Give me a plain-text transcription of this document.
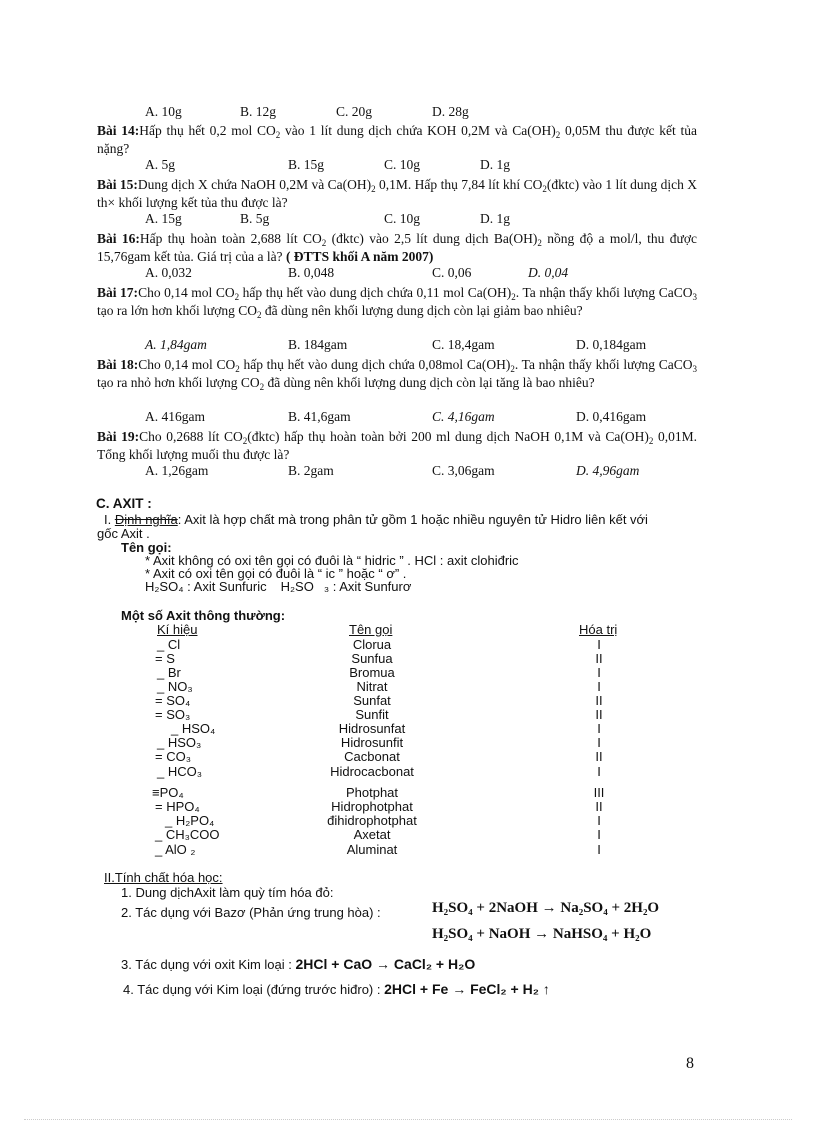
A. 10g	B. 12g	C. 20g	D. 28g
Bài 14:Hấp thụ hết 0,2 mol $CO_2$ vào 1 lít dung dịch chứa KOH 0,2M và $Ca(OH)_2$ 0,05M thu được kết tủa nặng?
A. 5g	B. 15g	C. 10g	D. 1g
Bài 15:Dung dịch X chứa NaOH 0,2M và $Ca(OH)_2$ 0,1M. Hấp thụ 7,84 lít khí $CO_2(đktc)$ vào 1 lít dung dịch X th× khối lượng kết tủa thu được là?
A. 15g	B. 5g	C. 10g	D. 1g
Bài 16:Hấp thụ hoàn toàn 2,688 lít $CO_2$ (đktc) vào 2,5 lít dung dịch $Ba(OH)_2$ nồng độ a mol/l, thu được 15,76gam kết tủa. Giá trị của a là? ( ĐTTS khối A năm 2007)
A. 0,032	B. 0,048	C. 0,06	D. 0,04
Bài 17:Cho 0,14 mol $CO_2$ hấp thụ hết vào dung dịch chứa 0,11 mol $Ca(OH)_2$. Ta nhận thấy khối lượng CaCO$_3$ tạo ra lớn hơn khối lượng $CO_2$ đã dùng nên khối lượng dung dịch còn lại giảm bao nhiêu?
A. 1,84gam	B. 184gam	C. 18,4gam	D. 0,184gam
Bài 18:Cho 0,14 mol $CO_2$ hấp thụ hết vào dung dịch chứa 0,08mol $Ca(OH)_2$. Ta nhận thấy khối lượng CaCO$_3$ tạo ra nhỏ hơn khối lượng $CO_2$ đã dùng nên khối lượng dung dịch còn lại tăng là bao nhiêu?
A. 416gam	B. 41,6gam	C. 4,16gam	D. 0,416gam
Bài 19:Cho 0,2688 lít $CO_2(đktc)$ hấp thụ hoàn toàn bởi 200 ml dung dịch NaOH 0,1M và $Ca(OH)_2$ 0,01M. Tổng khối lượng muối thu được là?
A. 1,26gam	B. 2gam	C. 3,06gam	D. 4,96gam
C. AXIT :
I. Định nghĩa: Axit là hợp chất mà trong phân tử gồm 1 hoặc nhiều nguyên tử Hidro liên kết với
gốc Axit .
Tên gọi:
* Axit không có oxi tên gọi có đuôi là “ hidric ” . HCl : axit clohiđric
* Axit có oxi tên gọi có đuôi là “ ic ” hoặc “ ơ” .
H₂SO₄ : Axit Sunfuric H₂SO ₃ : Axit Sunfurơ
Một số Axit thông thường:
Kí hiệu	Tên gọi	Hóa trị
_ Cl	Clorua	I
= S	Sunfua	II
_ Br	Bromua	I
_ NO₃	Nitrat	I
= SO₄	Sunfat	II
= SO₃	Sunfit	II
_ HSO₄	Hidrosunfat	I
_ HSO₃	Hidrosunfit	I
= CO₃	Cacbonat	II
_ HCO₃	Hidrocacbonat	I
≡PO₄	Photphat	III
= HPO₄	Hidrophotphat	II
_ H₂PO₄	đihidrophotphat	I
_ CH₃COO	Axetat	I
_ AlO ₂	Aluminat	I
II.Tính chất hóa học:
1. Dung dịchAxit làm quỳ tím hóa đỏ:
2. Tác dụng với Bazơ (Phản ứng trung hòa) :	H₂SO₄ + 2NaOH → Na₂SO₄ + 2H₂O
H₂SO₄ + NaOH → NaHSO₄ + H₂O
3. Tác dụng với oxit Kim loại : 2HCl + CaO → CaCl₂ + H₂O
4. Tác dụng với Kim loại (đứng trước hiđro) : 2HCl + Fe → FeCl₂ + H₂ ↑
8
